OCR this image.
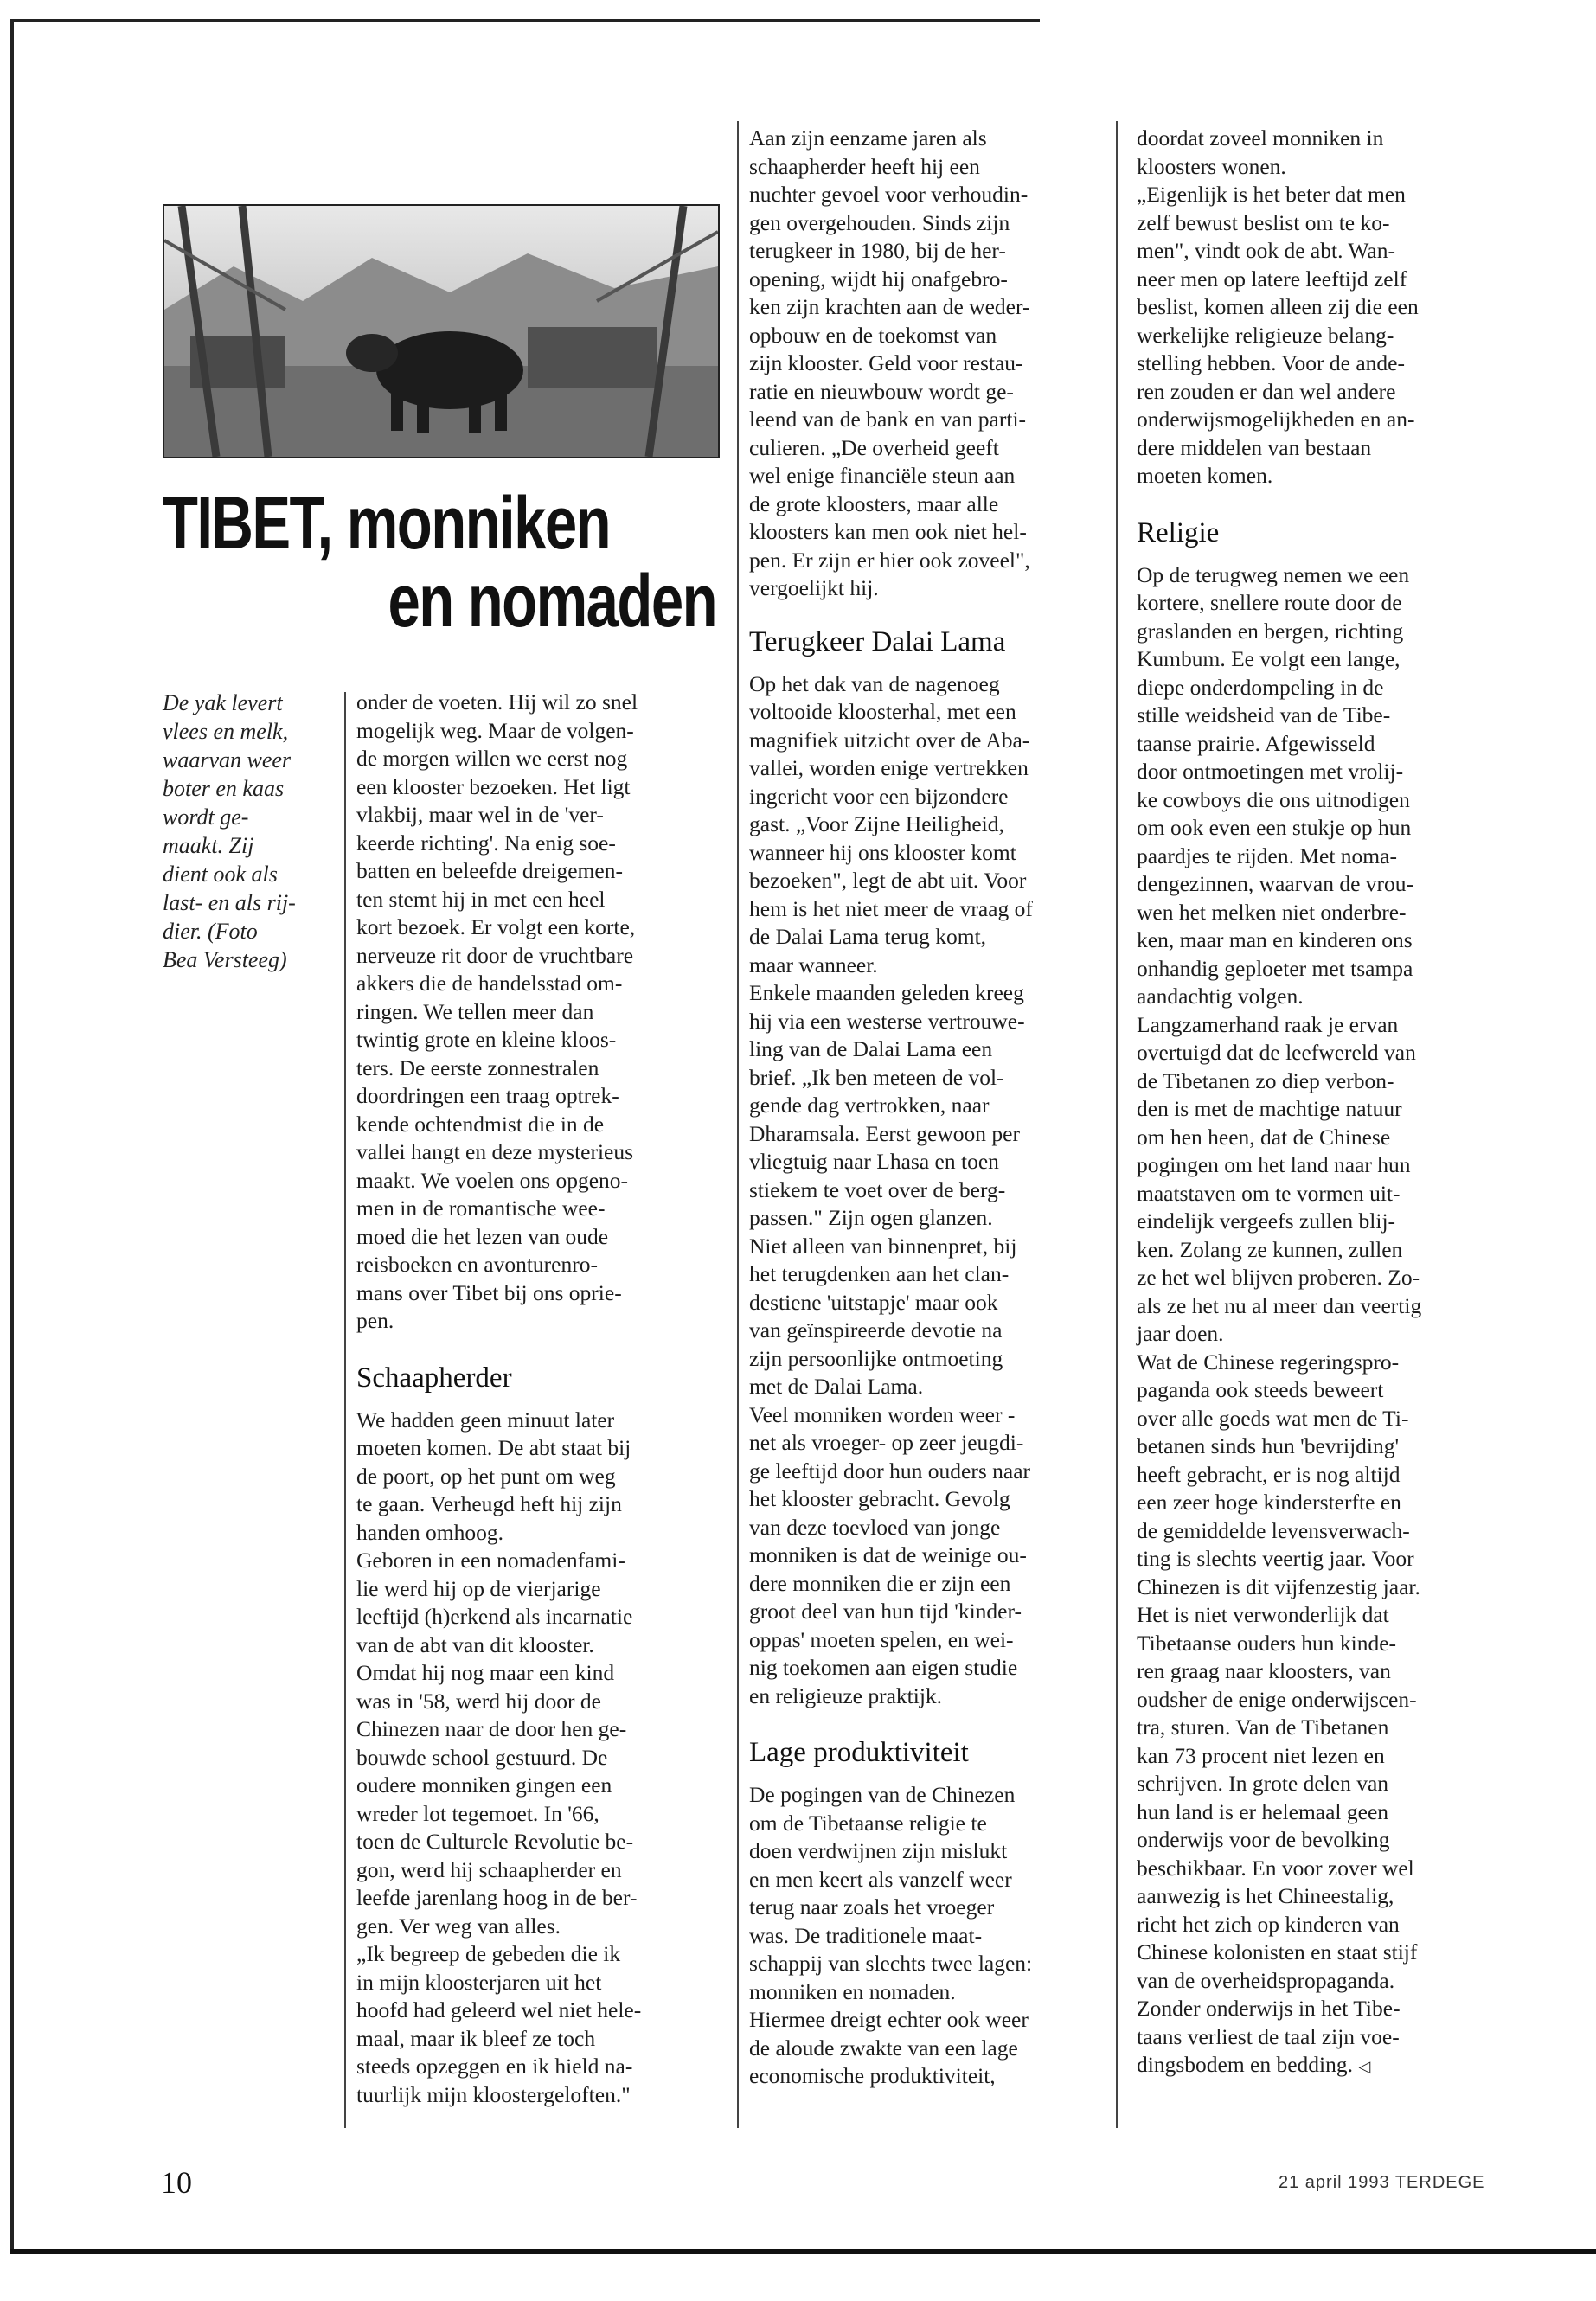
TIBET, monniken
en nomaden

De yak levert
vlees en melk,
waarvan weer
boter en kaas
wordt ge-
maakt. Zij
dient ook als
last- en als rij-
dier. (Foto
Bea Versteeg)

onder de voeten. Hij wil zo snel
mogelijk weg. Maar de volgen-
de morgen willen we eerst nog
een klooster bezoeken. Het ligt
vlakbij, maar wel in de 'ver-
keerde richting'. Na enig soe-
batten en beleefde dreigemen-
ten stemt hij in met een heel
kort bezoek. Er volgt een korte,
nerveuze rit door de vruchtbare
akkers die de handelsstad om-
ringen. We tellen meer dan
twintig grote en kleine kloos-
ters. De eerste zonnestralen
doordringen een traag optrek-
kende ochtendmist die in de
vallei hangt en deze mysterieus
maakt. We voelen ons opgeno-
men in de romantische wee-
moed die het lezen van oude
reisboeken en avonturenro-
mans over Tibet bij ons oprie-
pen.

Schaapherder

We hadden geen minuut later
moeten komen. De abt staat bij
de poort, op het punt om weg
te gaan. Verheugd heft hij zijn
handen omhoog.
Geboren in een nomadenfami-
lie werd hij op de vierjarige
leeftijd (h)erkend als incarnatie
van de abt van dit klooster.
Omdat hij nog maar een kind
was in '58, werd hij door de
Chinezen naar de door hen ge-
bouwde school gestuurd. De
oudere monniken gingen een
wreder lot tegemoet. In '66,
toen de Culturele Revolutie be-
gon, werd hij schaapherder en
leefde jarenlang hoog in de ber-
gen. Ver weg van alles.
„Ik begreep de gebeden die ik
in mijn kloosterjaren uit het
hoofd had geleerd wel niet hele-
maal, maar ik bleef ze toch
steeds opzeggen en ik hield na-
tuurlijk mijn kloostergeloften."

Aan zijn eenzame jaren als
schaapherder heeft hij een
nuchter gevoel voor verhoudin-
gen overgehouden. Sinds zijn
terugkeer in 1980, bij de her-
opening, wijdt hij onafgebro-
ken zijn krachten aan de weder-
opbouw en de toekomst van
zijn klooster. Geld voor restau-
ratie en nieuwbouw wordt ge-
leend van de bank en van parti-
culieren. „De overheid geeft
wel enige financiële steun aan
de grote kloosters, maar alle
kloosters kan men ook niet hel-
pen. Er zijn er hier ook zoveel",
vergoelijkt hij.

Terugkeer Dalai Lama

Op het dak van de nagenoeg
voltooide kloosterhal, met een
magnifiek uitzicht over de Aba-
vallei, worden enige vertrekken
ingericht voor een bijzondere
gast. „Voor Zijne Heiligheid,
wanneer hij ons klooster komt
bezoeken", legt de abt uit. Voor
hem is het niet meer de vraag of
de Dalai Lama terug komt,
maar wanneer.
Enkele maanden geleden kreeg
hij via een westerse vertrouwe-
ling van de Dalai Lama een
brief. „Ik ben meteen de vol-
gende dag vertrokken, naar
Dharamsala. Eerst gewoon per
vliegtuig naar Lhasa en toen
stiekem te voet over de berg-
passen." Zijn ogen glanzen.
Niet alleen van binnenpret, bij
het terugdenken aan het clan-
destiene 'uitstapje' maar ook
van geïnspireerde devotie na
zijn persoonlijke ontmoeting
met de Dalai Lama.
Veel monniken worden weer -
net als vroeger- op zeer jeugdi-
ge leeftijd door hun ouders naar
het klooster gebracht. Gevolg
van deze toevloed van jonge
monniken is dat de weinige ou-
dere monniken die er zijn een
groot deel van hun tijd 'kinder-
oppas' moeten spelen, en wei-
nig toekomen aan eigen studie
en religieuze praktijk.

Lage produktiviteit

De pogingen van de Chinezen
om de Tibetaanse religie te
doen verdwijnen zijn mislukt
en men keert als vanzelf weer
terug naar zoals het vroeger
was. De traditionele maat-
schappij van slechts twee lagen:
monniken en nomaden.
Hiermee dreigt echter ook weer
de aloude zwakte van een lage
economische produktiviteit,

doordat zoveel monniken in
kloosters wonen.
„Eigenlijk is het beter dat men
zelf bewust beslist om te ko-
men", vindt ook de abt. Wan-
neer men op latere leeftijd zelf
beslist, komen alleen zij die een
werkelijke religieuze belang-
stelling hebben. Voor de ande-
ren zouden er dan wel andere
onderwijsmogelijkheden en an-
dere middelen van bestaan
moeten komen.

Religie

Op de terugweg nemen we een
kortere, snellere route door de
graslanden en bergen, richting
Kumbum. Ee volgt een lange,
diepe onderdompeling in de
stille weidsheid van de Tibe-
taanse prairie. Afgewisseld
door ontmoetingen met vrolij-
ke cowboys die ons uitnodigen
om ook even een stukje op hun
paardjes te rijden. Met noma-
dengezinnen, waarvan de vrou-
wen het melken niet onderbre-
ken, maar man en kinderen ons
onhandig geploeter met tsampa
aandachtig volgen.
Langzamerhand raak je ervan
overtuigd dat de leefwereld van
de Tibetanen zo diep verbon-
den is met de machtige natuur
om hen heen, dat de Chinese
pogingen om het land naar hun
maatstaven om te vormen uit-
eindelijk vergeefs zullen blij-
ken. Zolang ze kunnen, zullen
ze het wel blijven proberen. Zo-
als ze het nu al meer dan veertig
jaar doen.
Wat de Chinese regeringspro-
paganda ook steeds beweert
over alle goeds wat men de Ti-
betanen sinds hun 'bevrijding'
heeft gebracht, er is nog altijd
een zeer hoge kindersterfte en
de gemiddelde levensverwach-
ting is slechts veertig jaar. Voor
Chinezen is dit vijfenzestig jaar.
Het is niet verwonderlijk dat
Tibetaanse ouders hun kinde-
ren graag naar kloosters, van
oudsher de enige onderwijscen-
tra, sturen. Van de Tibetanen
kan 73 procent niet lezen en
schrijven. In grote delen van
hun land is er helemaal geen
onderwijs voor de bevolking
beschikbaar. En voor zover wel
aanwezig is het Chineestalig,
richt het zich op kinderen van
Chinese kolonisten en staat stijf
van de overheidspropaganda.
Zonder onderwijs in het Tibe-
taans verliest de taal zijn voe-
dingsbodem en bedding. ◁
10	21 april 1993 TERDEGE
